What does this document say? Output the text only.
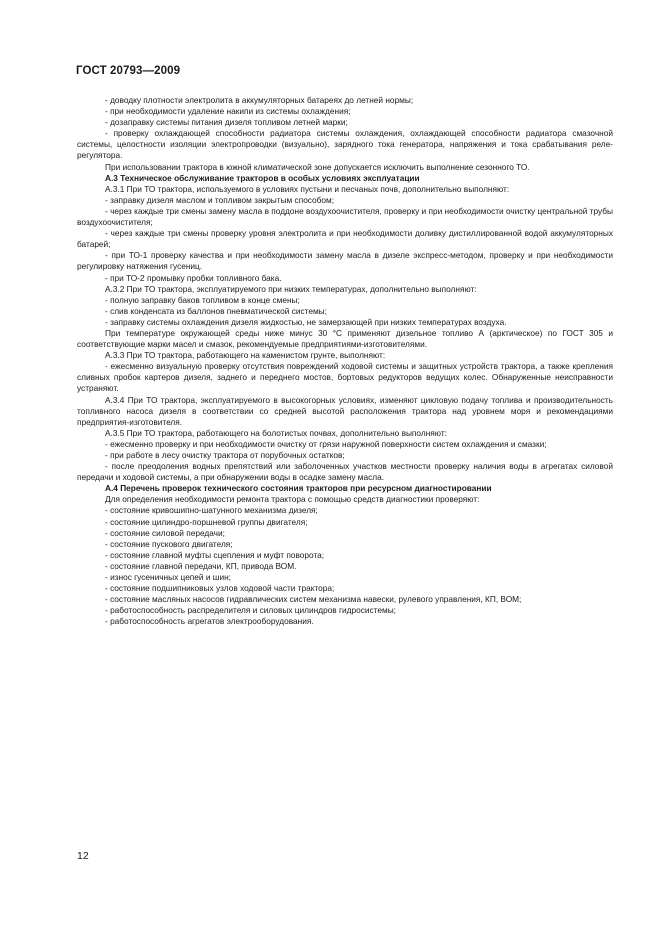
ГОСТ 20793—2009

- доводку плотности электролита в аккумуляторных батареях до летней нормы;

- при необходимости удаление накипи из системы охлаждения;

- дозаправку системы питания дизеля топливом летней марки;

- проверку охлаждающей способности радиатора системы охлаждения, охлаждающей способности радиатора смазочной системы, целостности изоляции электропроводки (визуально), зарядного тока генератора, напряжения и тока срабатывания реле-регулятора.

При использовании трактора в южной климатической зоне допускается исключить выполнение сезонного ТО.

А.3 Техническое обслуживание тракторов в особых условиях эксплуатации

А.3.1 При ТО трактора, используемого в условиях пустыни и песчаных почв, дополнительно выполняют:

- заправку дизеля маслом и топливом закрытым способом;

- через каждые три смены замену масла в поддоне воздухоочистителя, проверку и при необходимости очистку центральной трубы воздухоочистителя;

- через каждые три смены проверку уровня электролита и при необходимости доливку дистиллированной водой аккумуляторных батарей;

- при ТО-1 проверку качества и при необходимости замену масла в дизеле экспресс-методом, проверку и при необходимости регулировку натяжения гусениц.

- при ТО-2 промывку пробки топливного бака.

А.3.2 При ТО трактора, эксплуатируемого при низких температурах, дополнительно выполняют:

- полную заправку баков топливом в конце смены;

- слив конденсата из баллонов пневматической системы;

- заправку системы охлаждения дизеля жидкостью, не замерзающей при низких температурах воздуха.

При температуре окружающей среды ниже минус 30 °С применяют дизельное топливо А (арктическое) по ГОСТ 305 и соответствующие марки масел и смазок, рекомендуемые предприятиями-изготовителями.

А.3.3 При ТО трактора, работающего на каменистом грунте, выполняют:

- ежесменно визуальную проверку отсутствия повреждений ходовой системы и защитных устройств трактора, а также крепления сливных пробок картеров дизеля, заднего и переднего мостов, бортовых редукторов ведущих колес. Обнаруженные неисправности устраняют.

А.3.4 При ТО трактора, эксплуатируемого в высокогорных условиях, изменяют цикловую подачу топлива и производительность топливного насоса дизеля в соответствии со средней высотой расположения трактора над уровнем моря и рекомендациями предприятия-изготовителя.

А.3.5 При ТО трактора, работающего на болотистых почвах, дополнительно выполняют:

- ежесменно проверку и при необходимости очистку от грязи наружной поверхности систем охлаждения и смазки;

- при работе в лесу очистку трактора от порубочных остатков;

- после преодоления водных препятствий или заболоченных участков местности проверку наличия воды в агрегатах силовой передачи и ходовой системы, а при обнаружении воды в осадке замену масла.

А.4 Перечень проверок технического состояния тракторов при ресурсном диагностировании

Для определения необходимости ремонта трактора с помощью средств диагностики проверяют:

- состояние кривошипно-шатунного механизма дизеля;

- состояние цилиндро-поршневой группы двигателя;

- состояние силовой передачи;

- состояние пускового двигателя;

- состояние главной муфты сцепления и муфт поворота;

- состояние главной передачи, КП, привода ВОМ.

- износ гусеничных цепей и шин;

- состояние подшипниковых узлов ходовой части трактора;

- состояние масляных насосов гидравлических систем механизма навески, рулевого управления, КП, ВОМ;

- работоспособность распределителя и силовых цилиндров гидросистемы;

- работоспособность агрегатов электрооборудования.

12
